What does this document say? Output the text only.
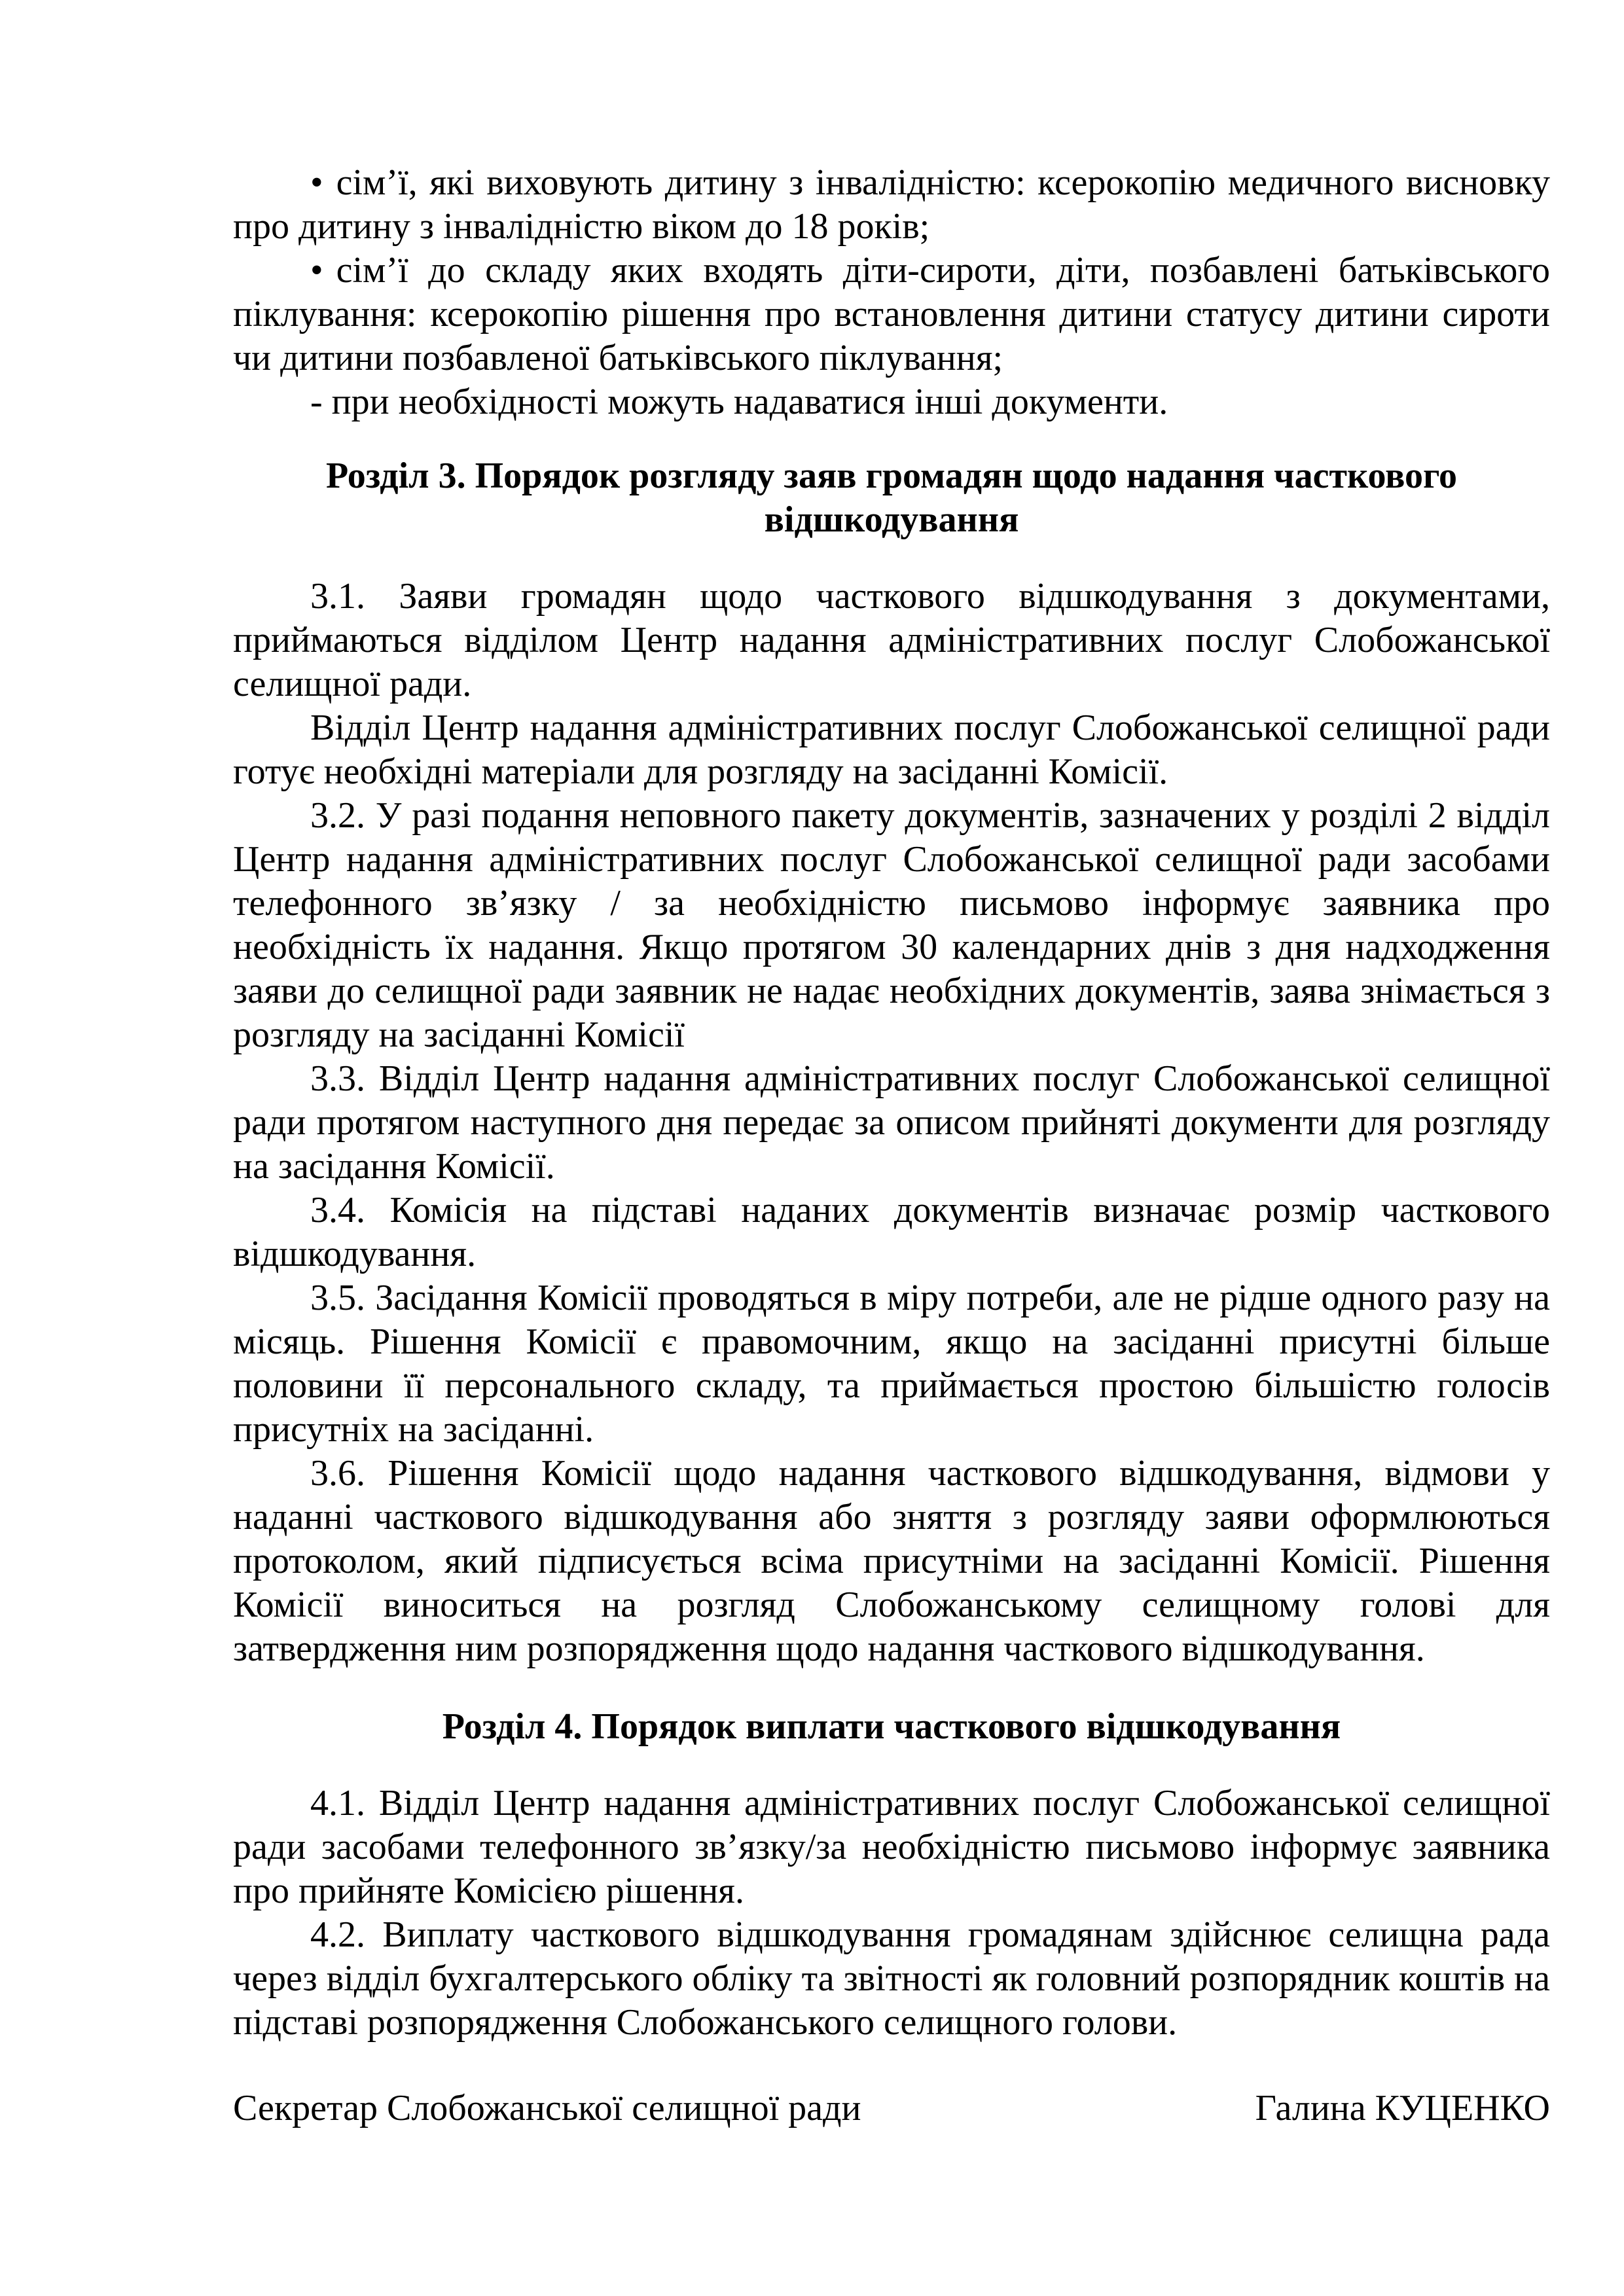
• сім’ї, які виховують дитину з інвалідністю: ксерокопію медичного висновку про дитину з інвалідністю віком до 18 років;

• сім’ї до складу яких входять діти-сироти, діти, позбавлені батьківського піклування: ксерокопію рішення про встановлення дитини статусу дитини сироти чи дитини позбавленої батьківського піклування;

- при необхідності можуть надаватися інші документи.

Розділ 3. Порядок розгляду заяв громадян щодо надання часткового
відшкодування

3.1. Заяви громадян щодо часткового відшкодування з документами, приймаються відділом Центр надання адміністративних послуг Слобожанської селищної ради.

Відділ Центр надання адміністративних послуг Слобожанської селищної ради готує необхідні матеріали для розгляду на засіданні Комісії.

3.2. У разі подання неповного пакету документів, зазначених у розділі 2 відділ Центр надання адміністративних послуг Слобожанської селищної ради засобами телефонного зв’язку / за необхідністю письмово інформує заявника про необхідність їх надання. Якщо протягом 30 календарних днів з дня надходження заяви до селищної ради заявник не надає необхідних документів, заява знімається з розгляду на засіданні Комісії

3.3. Відділ Центр надання адміністративних послуг Слобожанської селищної ради протягом наступного дня передає за описом прийняті документи для розгляду на засідання Комісії.

3.4. Комісія на підставі наданих документів визначає розмір часткового відшкодування.

3.5. Засідання Комісії проводяться в міру потреби, але не рідше одного разу на місяць. Рішення Комісії є правомочним, якщо на засіданні присутні більше половини її персонального складу, та приймається простою більшістю голосів присутніх на засіданні.

3.6. Рішення Комісії щодо надання часткового відшкодування, відмови у наданні часткового відшкодування або зняття з розгляду заяви оформлюються протоколом, який підписується всіма присутніми на засіданні Комісії. Рішення Комісії виноситься на розгляд Слобожанському селищному голові для затвердження ним розпорядження щодо надання часткового відшкодування.

Розділ 4. Порядок виплати часткового відшкодування

4.1. Відділ Центр надання адміністративних послуг Слобожанської селищної ради засобами телефонного зв’язку/за необхідністю письмово інформує заявника про прийняте Комісією рішення.

4.2. Виплату часткового відшкодування громадянам здійснює селищна рада через відділ бухгалтерського обліку та звітності як головний розпорядник коштів на підставі розпорядження Слобожанського селищного голови.

Секретар Слобожанської селищної ради	Галина КУЦЕНКО
